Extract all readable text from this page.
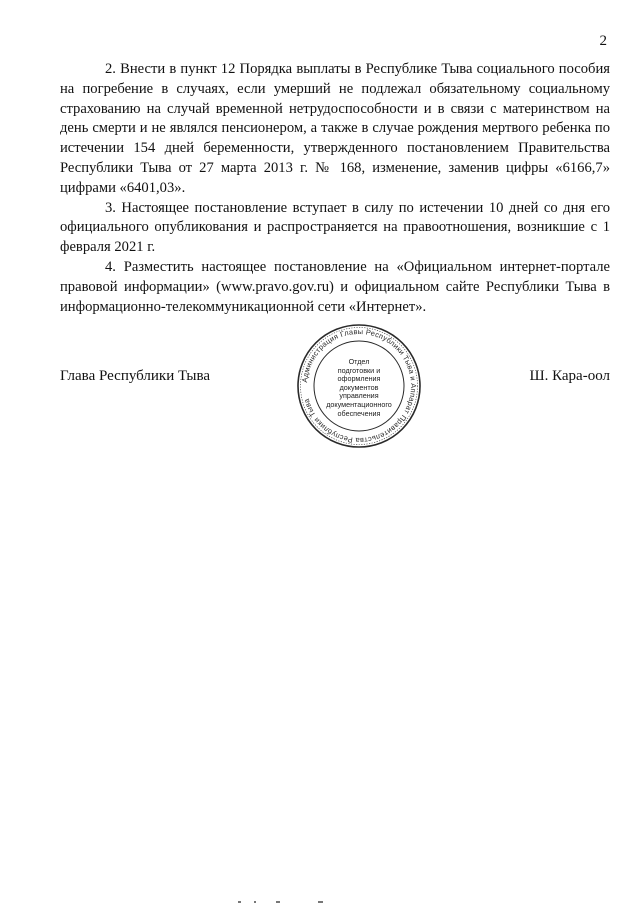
2

2. Внести в пункт 12 Порядка выплаты в Республике Тыва социального пособия на погребение в случаях, если умерший не подлежал обязательному социальному страхованию на случай временной нетрудоспособности и в связи с материнством на день смерти и не являлся пенсионером, а также в случае рождения мертвого ребенка по истечении 154 дней беременности, утвержденного постановлением Правительства Республики Тыва от 27 марта 2013 г. № 168, изменение, заменив цифры «6166,7» цифрами «6401,03».

3. Настоящее постановление вступает в силу по истечении 10 дней со дня его официального опубликования и распространяется на правоотношения, возникшие с 1 февраля 2021 г.

4. Разместить настоящее постановление на «Официальном интернет-портале правовой информации» (www.pravo.gov.ru) и официальном сайте Республики Тыва в информационно-телекоммуникационной сети «Интернет».

Глава Республики Тыва	Ш. Кара-оол
Администрация Главы Республики Тыва и Аппарат Правительства Республики Тыва
Отдел
подготовки и
оформления документов
управления
документационного
обеспечения
